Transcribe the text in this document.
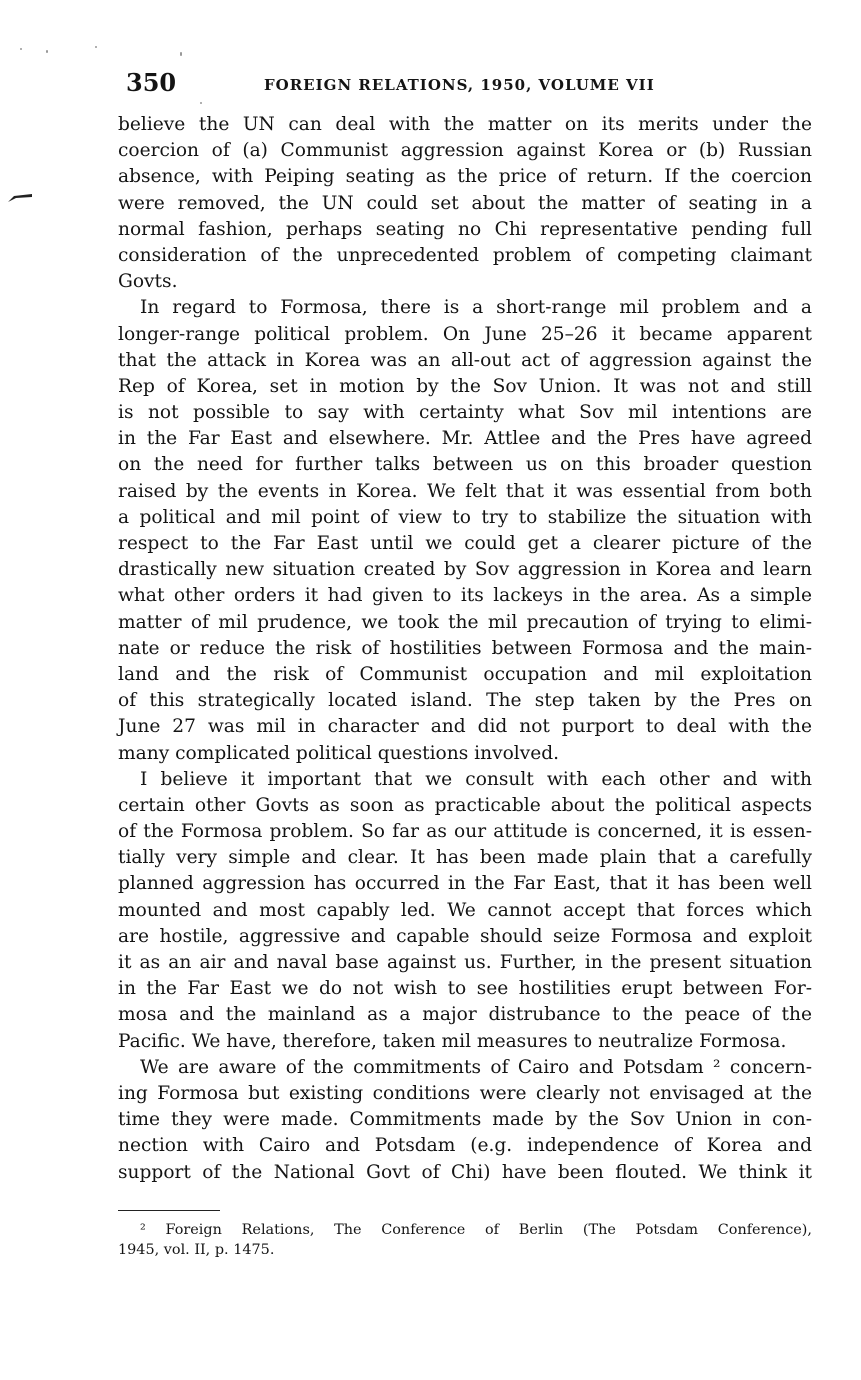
350	FOREIGN RELATIONS, 1950, VOLUME VII
believe the UN can deal with the matter on its merits under the
coercion of (a) Communist aggression against Korea or (b) Russian
absence, with Peiping seating as the price of return. If the coercion
were removed, the UN could set about the matter of seating in a
normal fashion, perhaps seating no Chi representative pending full
consideration of the unprecedented problem of competing claimant
Govts.
In regard to Formosa, there is a short-range mil problem and a
longer-range political problem. On June 25–26 it became apparent
that the attack in Korea was an all-out act of aggression against the
Rep of Korea, set in motion by the Sov Union. It was not and still
is not possible to say with certainty what Sov mil intentions are
in the Far East and elsewhere. Mr. Attlee and the Pres have agreed
on the need for further talks between us on this broader question
raised by the events in Korea. We felt that it was essential from both
a political and mil point of view to try to stabilize the situation with
respect to the Far East until we could get a clearer picture of the
drastically new situation created by Sov aggression in Korea and learn
what other orders it had given to its lackeys in the area. As a simple
matter of mil prudence, we took the mil precaution of trying to elimi-
nate or reduce the risk of hostilities between Formosa and the main-
land and the risk of Communist occupation and mil exploitation
of this strategically located island. The step taken by the Pres on
June 27 was mil in character and did not purport to deal with the
many complicated political questions involved.
I believe it important that we consult with each other and with
certain other Govts as soon as practicable about the political aspects
of the Formosa problem. So far as our attitude is concerned, it is essen-
tially very simple and clear. It has been made plain that a carefully
planned aggression has occurred in the Far East, that it has been well
mounted and most capably led. We cannot accept that forces which
are hostile, aggressive and capable should seize Formosa and exploit
it as an air and naval base against us. Further, in the present situation
in the Far East we do not wish to see hostilities erupt between For-
mosa and the mainland as a major distrubance to the peace of the
Pacific. We have, therefore, taken mil measures to neutralize Formosa.
We are aware of the commitments of Cairo and Potsdam ² concern-
ing Formosa but existing conditions were clearly not envisaged at the
time they were made. Commitments made by the Sov Union in con-
nection with Cairo and Potsdam (e.g. independence of Korea and
support of the National Govt of Chi) have been flouted. We think it
² Foreign Relations, The Conference of Berlin (The Potsdam Conference),
1945, vol. II, p. 1475.
